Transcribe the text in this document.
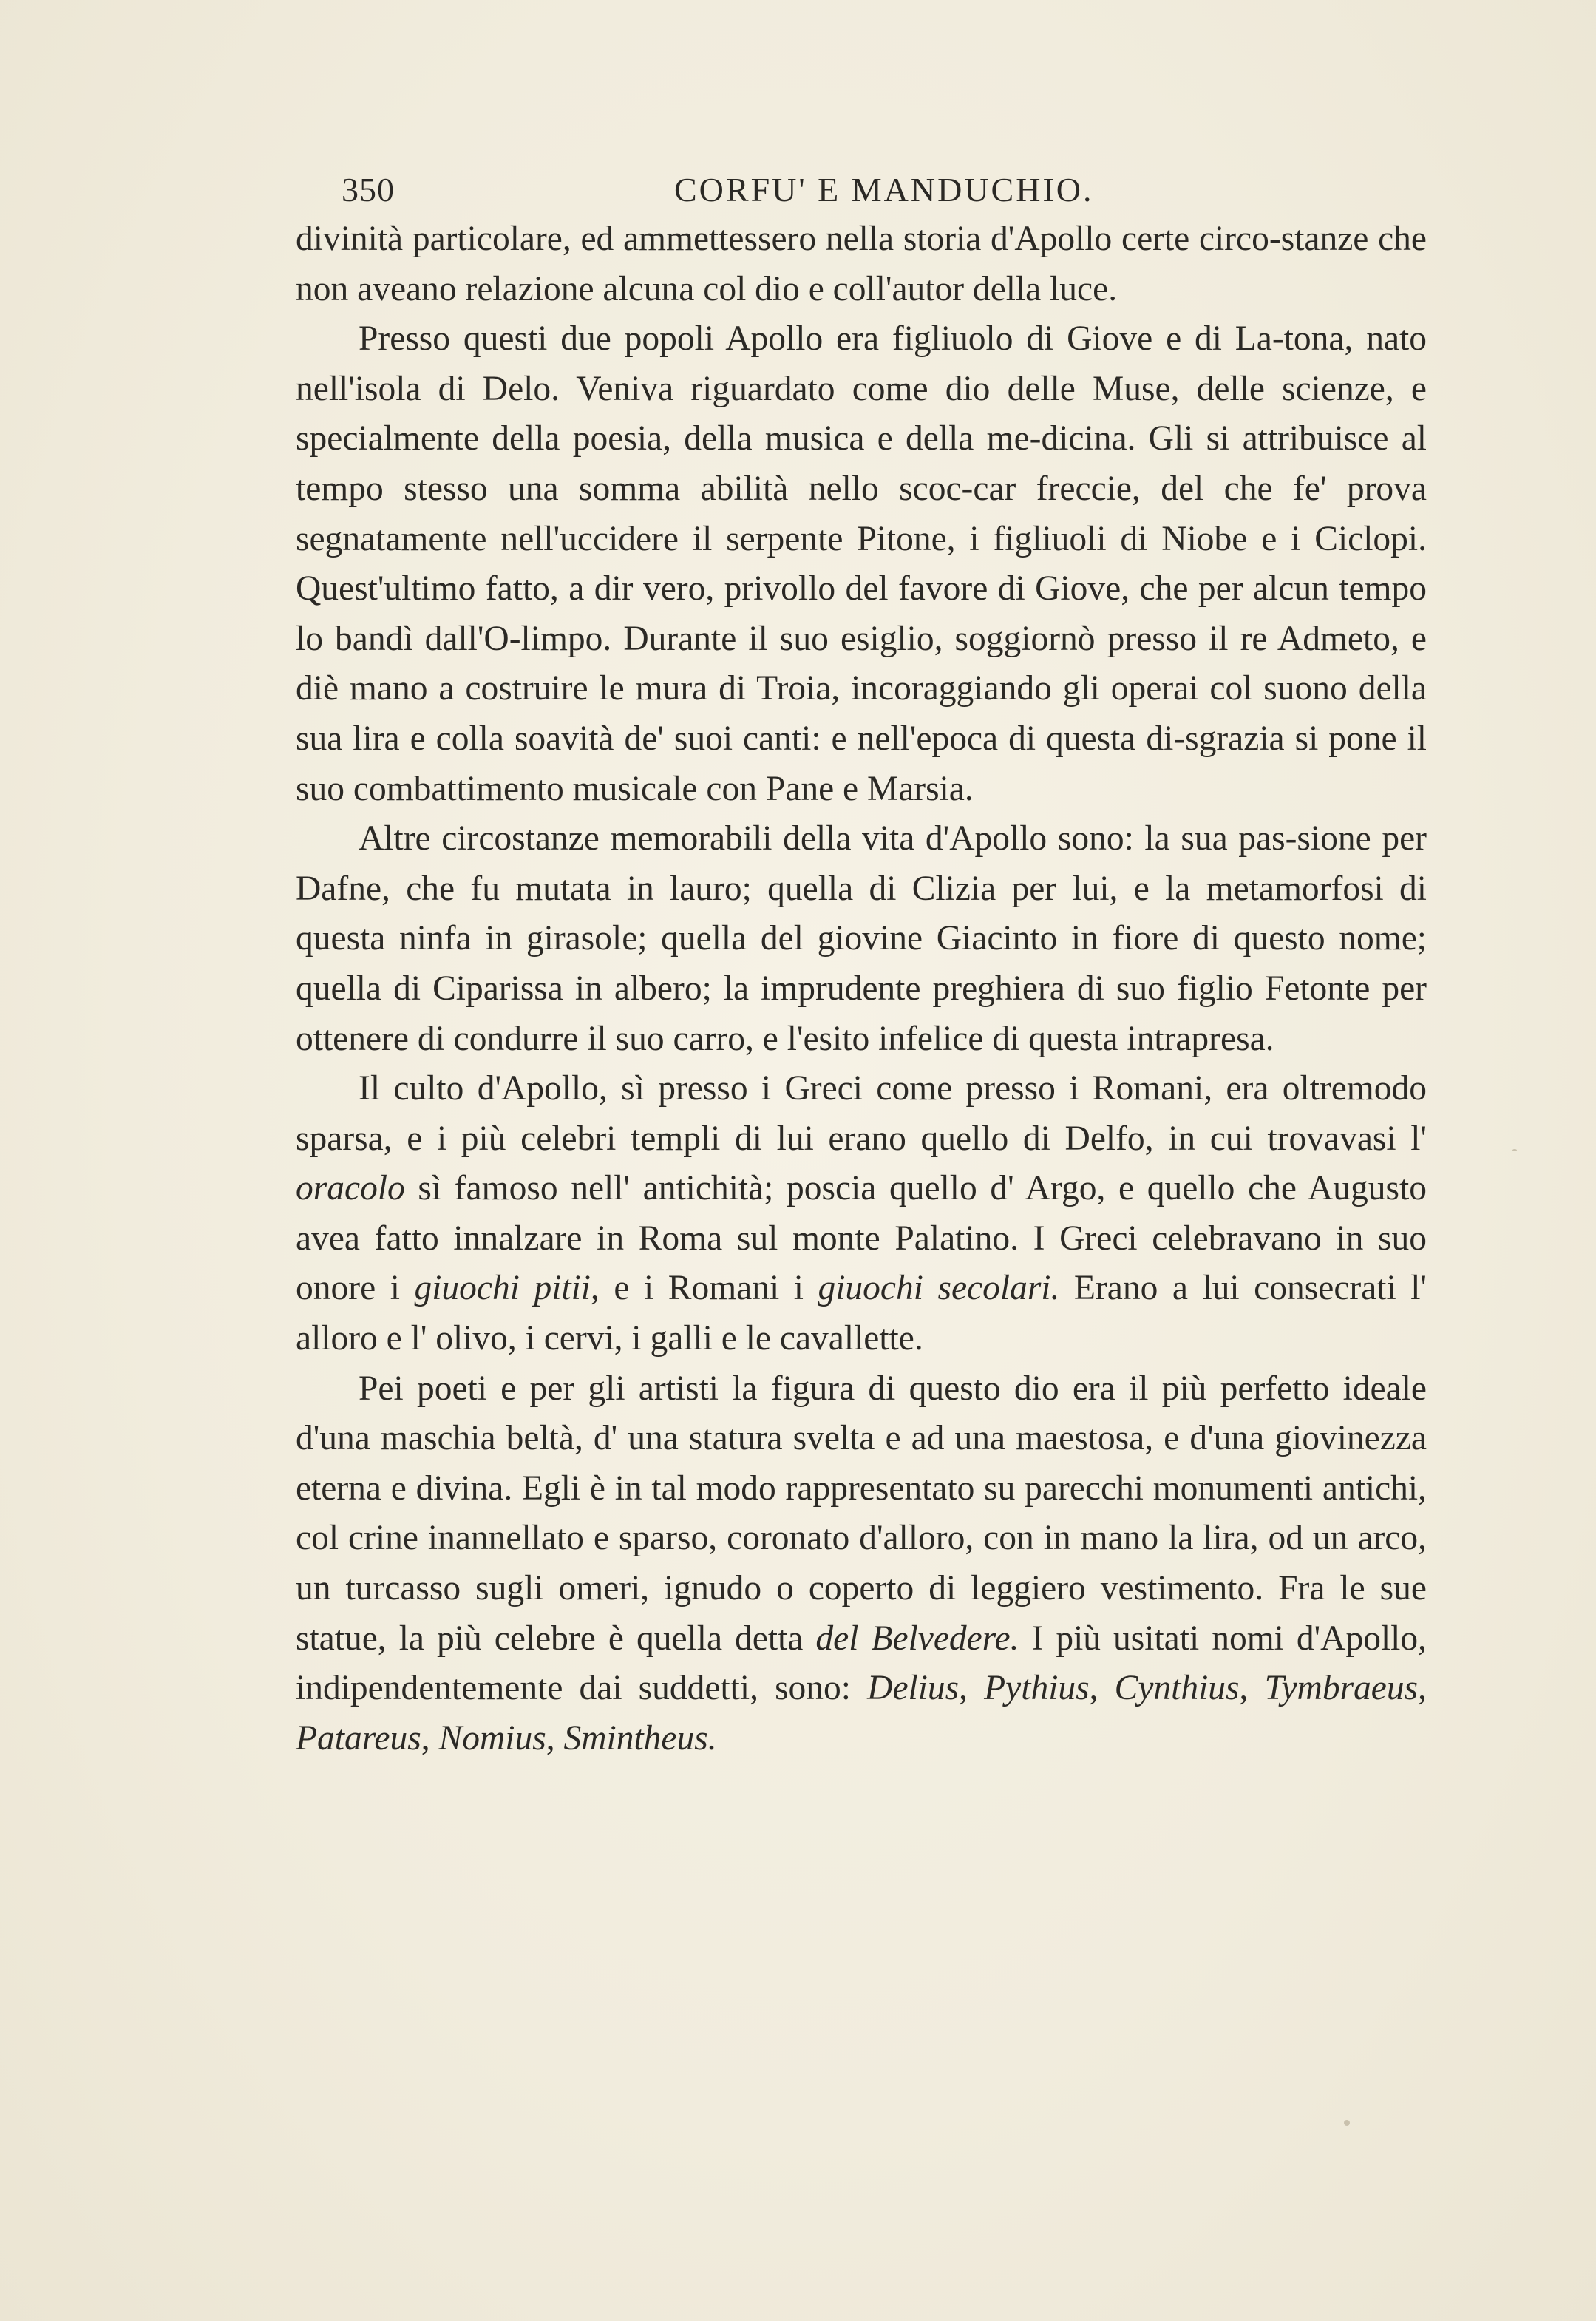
350	CORFU' E MANDUCHIO.

divinità particolare, ed ammettessero nella storia d'Apollo certe circo-stanze che non aveano relazione alcuna col dio e coll'autor della luce.

Presso questi due popoli Apollo era figliuolo di Giove e di La-tona, nato nell'isola di Delo. Veniva riguardato come dio delle Muse, delle scienze, e specialmente della poesia, della musica e della me-dicina. Gli si attribuisce al tempo stesso una somma abilità nello scoc-car freccie, del che fe' prova segnatamente nell'uccidere il serpente Pitone, i figliuoli di Niobe e i Ciclopi. Quest'ultimo fatto, a dir vero, privollo del favore di Giove, che per alcun tempo lo bandì dall'O-limpo. Durante il suo esiglio, soggiornò presso il re Admeto, e diè mano a costruire le mura di Troia, incoraggiando gli operai col suono della sua lira e colla soavità de' suoi canti: e nell'epoca di questa di-sgrazia si pone il suo combattimento musicale con Pane e Marsia.

Altre circostanze memorabili della vita d'Apollo sono: la sua pas-sione per Dafne, che fu mutata in lauro; quella di Clizia per lui, e la metamorfosi di questa ninfa in girasole; quella del giovine Giacinto in fiore di questo nome; quella di Ciparissa in albero; la imprudente preghiera di suo figlio Fetonte per ottenere di condurre il suo carro, e l'esito infelice di questa intrapresa.

Il culto d'Apollo, sì presso i Greci come presso i Romani, era oltremodo sparsa, e i più celebri templi di lui erano quello di Delfo, in cui trovavasi l' oracolo sì famoso nell' antichità; poscia quello d' Argo, e quello che Augusto avea fatto innalzare in Roma sul monte Palatino. I Greci celebravano in suo onore i giuochi pitii, e i Romani i giuochi secolari. Erano a lui consecrati l' alloro e l' olivo, i cervi, i galli e le cavallette.

Pei poeti e per gli artisti la figura di questo dio era il più perfetto ideale d'una maschia beltà, d' una statura svelta e ad una maestosa, e d'una giovinezza eterna e divina. Egli è in tal modo rappresentato su parecchi monumenti antichi, col crine inannellato e sparso, coronato d'alloro, con in mano la lira, od un arco, un turcasso sugli omeri, ignudo o coperto di leggiero vestimento. Fra le sue statue, la più celebre è quella detta del Belvedere. I più usitati nomi d'Apollo, indipendentemente dai suddetti, sono: Delius, Pythius, Cynthius, Tymbraeus, Patareus, Nomius, Smintheus.
